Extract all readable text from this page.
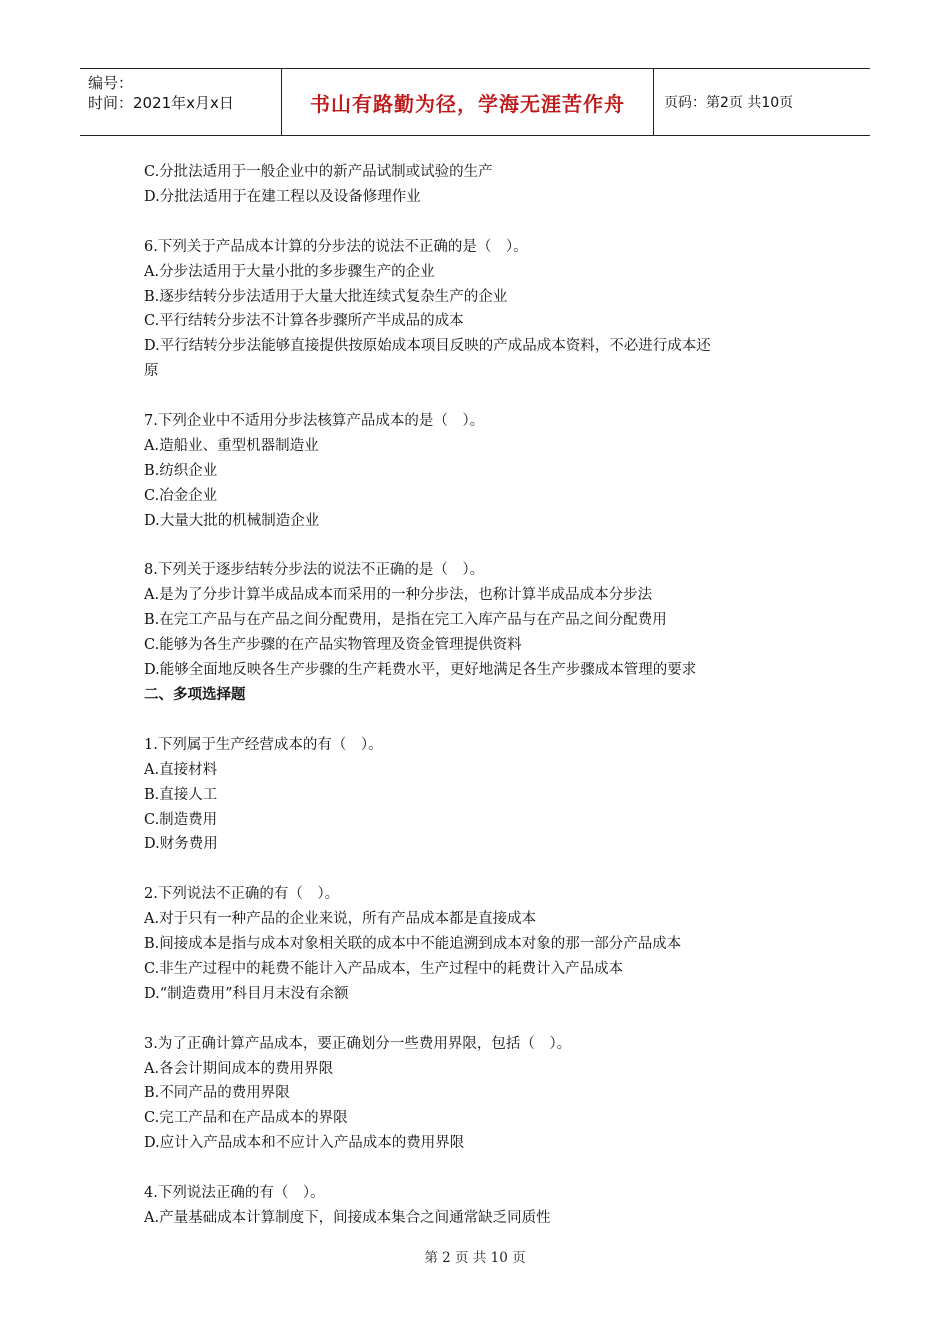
编号：
时间：2021年x月x日	书山有路勤为径，学海无涯苦作舟	页码：第2页 共10页

C.分批法适用于一般企业中的新产品试制或试验的生产

D.分批法适用于在建工程以及设备修理作业

6.下列关于产品成本计算的分步法的说法不正确的是（　）。

A.分步法适用于大量小批的多步骤生产的企业

B.逐步结转分步法适用于大量大批连续式复杂生产的企业

C.平行结转分步法不计算各步骤所产半成品的成本

D.平行结转分步法能够直接提供按原始成本项目反映的产成品成本资料，不必进行成本还

原

7.下列企业中不适用分步法核算产品成本的是（　）。

A.造船业、重型机器制造业

B.纺织企业

C.冶金企业

D.大量大批的机械制造企业

8.下列关于逐步结转分步法的说法不正确的是（　）。

A.是为了分步计算半成品成本而采用的一种分步法，也称计算半成品成本分步法

B.在完工产品与在产品之间分配费用，是指在完工入库产品与在产品之间分配费用

C.能够为各生产步骤的在产品实物管理及资金管理提供资料

D.能够全面地反映各生产步骤的生产耗费水平，更好地满足各生产步骤成本管理的要求

二、多项选择题

1.下列属于生产经营成本的有（　）。

A.直接材料

B.直接人工

C.制造费用

D.财务费用

2.下列说法不正确的有（　）。

A.对于只有一种产品的企业来说，所有产品成本都是直接成本

B.间接成本是指与成本对象相关联的成本中不能追溯到成本对象的那一部分产品成本

C.非生产过程中的耗费不能计入产品成本，生产过程中的耗费计入产品成本

D.“制造费用”科目月末没有余额

3.为了正确计算产品成本，要正确划分一些费用界限，包括（　）。

A.各会计期间成本的费用界限

B.不同产品的费用界限

C.完工产品和在产品成本的界限

D.应计入产品成本和不应计入产品成本的费用界限

4.下列说法正确的有（　）。

A.产量基础成本计算制度下，间接成本集合之间通常缺乏同质性

第 2 页 共 10 页
